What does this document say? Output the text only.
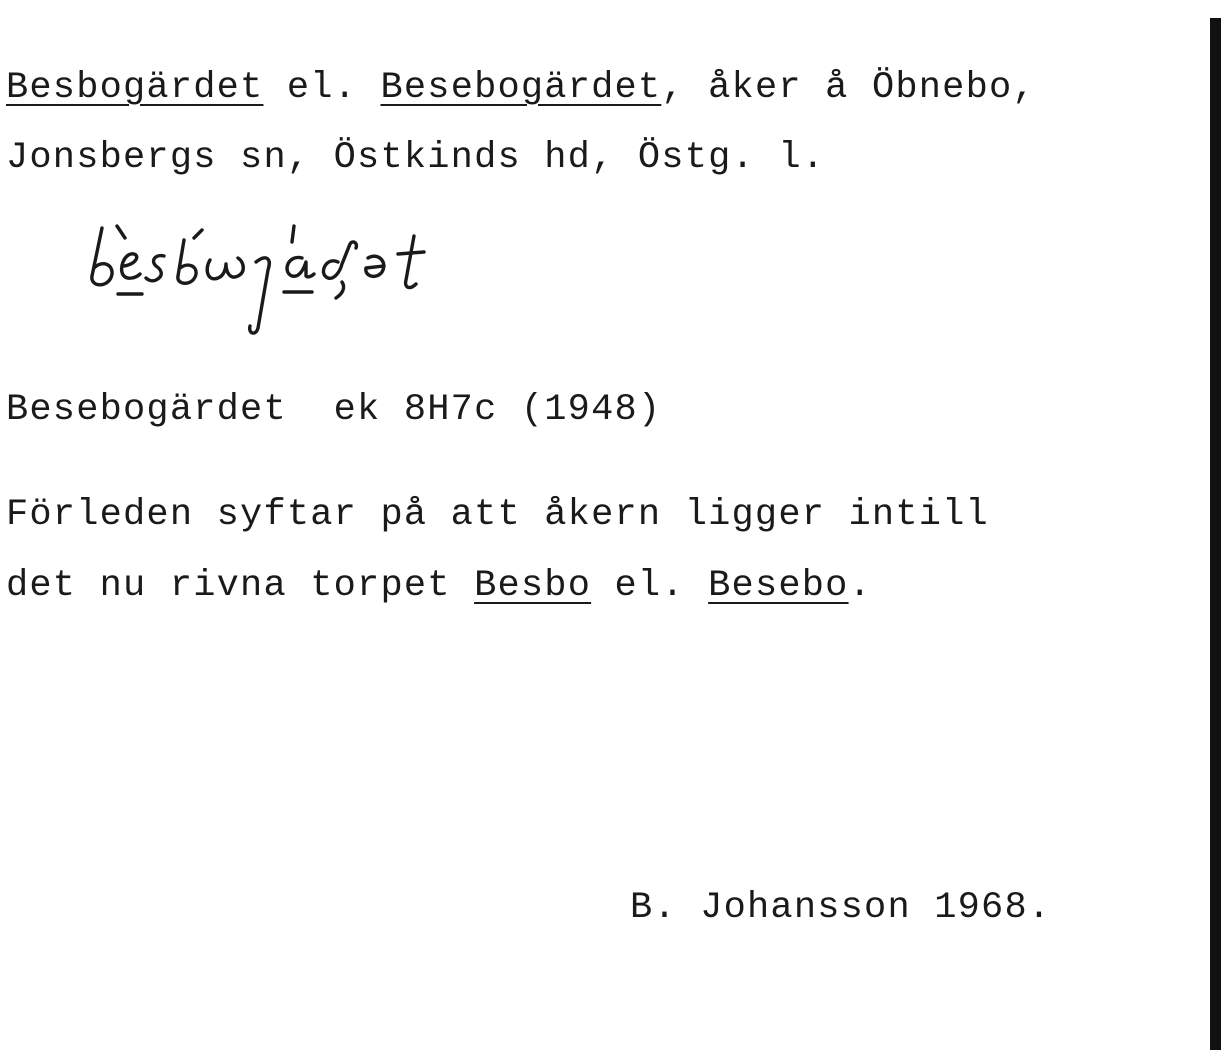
Besbogärdet el. Besebogärdet, åker å Öbnebo,
Jonsbergs sn, Östkinds hd, Östg. l.
Besebogärdet  ek 8H7c (1948)
Förleden syftar på att åkern ligger intill
det nu rivna torpet Besbo el. Besebo.
B. Johansson 1968.
